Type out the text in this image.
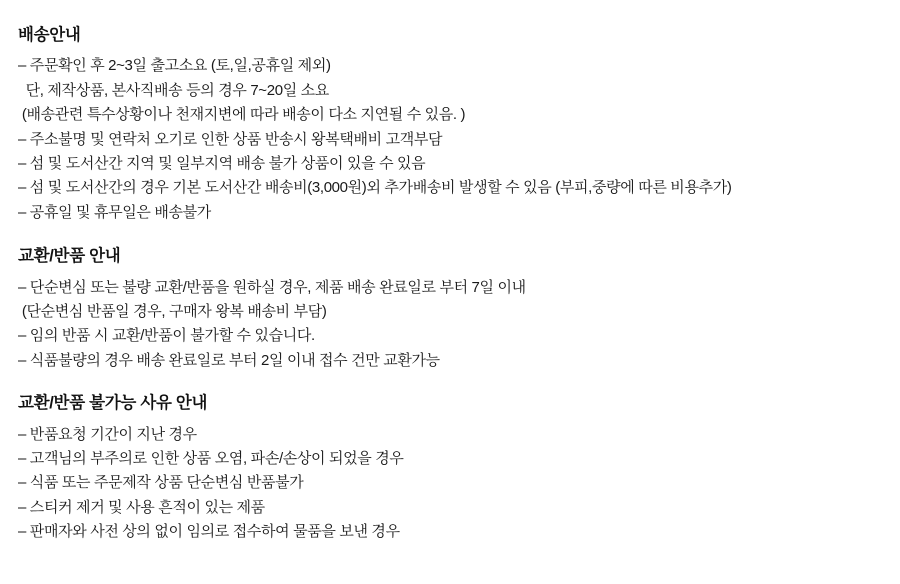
배송안내
– 주문확인 후 2~3일 출고소요 (토,일,공휴일 제외)
단, 제작상품, 본사직배송 등의 경우 7~20일 소요
(배송관련 특수상황이나 천재지변에 따라 배송이 다소 지연될 수 있음. )
– 주소불명 및 연락처 오기로 인한 상품 반송시 왕복택배비 고객부담
– 섬 및 도서산간 지역 및 일부지역 배송 불가 상품이 있을 수 있음
– 섬 및 도서산간의 경우 기본 도서산간 배송비(3,000원)외 추가배송비 발생할 수 있음 (부피,중량에 따른 비용추가)
– 공휴일 및 휴무일은 배송불가
교환/반품 안내
– 단순변심 또는 불량 교환/반품을 원하실 경우, 제품 배송 완료일로 부터 7일 이내
(단순변심 반품일 경우, 구매자 왕복 배송비 부담)
– 임의 반품 시 교환/반품이 불가할 수 있습니다.
– 식품불량의 경우 배송 완료일로 부터 2일 이내 접수 건만 교환가능
교환/반품 불가능 사유 안내
– 반품요청 기간이 지난 경우
– 고객님의 부주의로 인한 상품 오염, 파손/손상이 되었을 경우
– 식품 또는 주문제작 상품 단순변심 반품불가
– 스티커 제거 및 사용 흔적이 있는 제품
– 판매자와 사전 상의 없이 임의로 접수하여 물품을 보낸 경우
